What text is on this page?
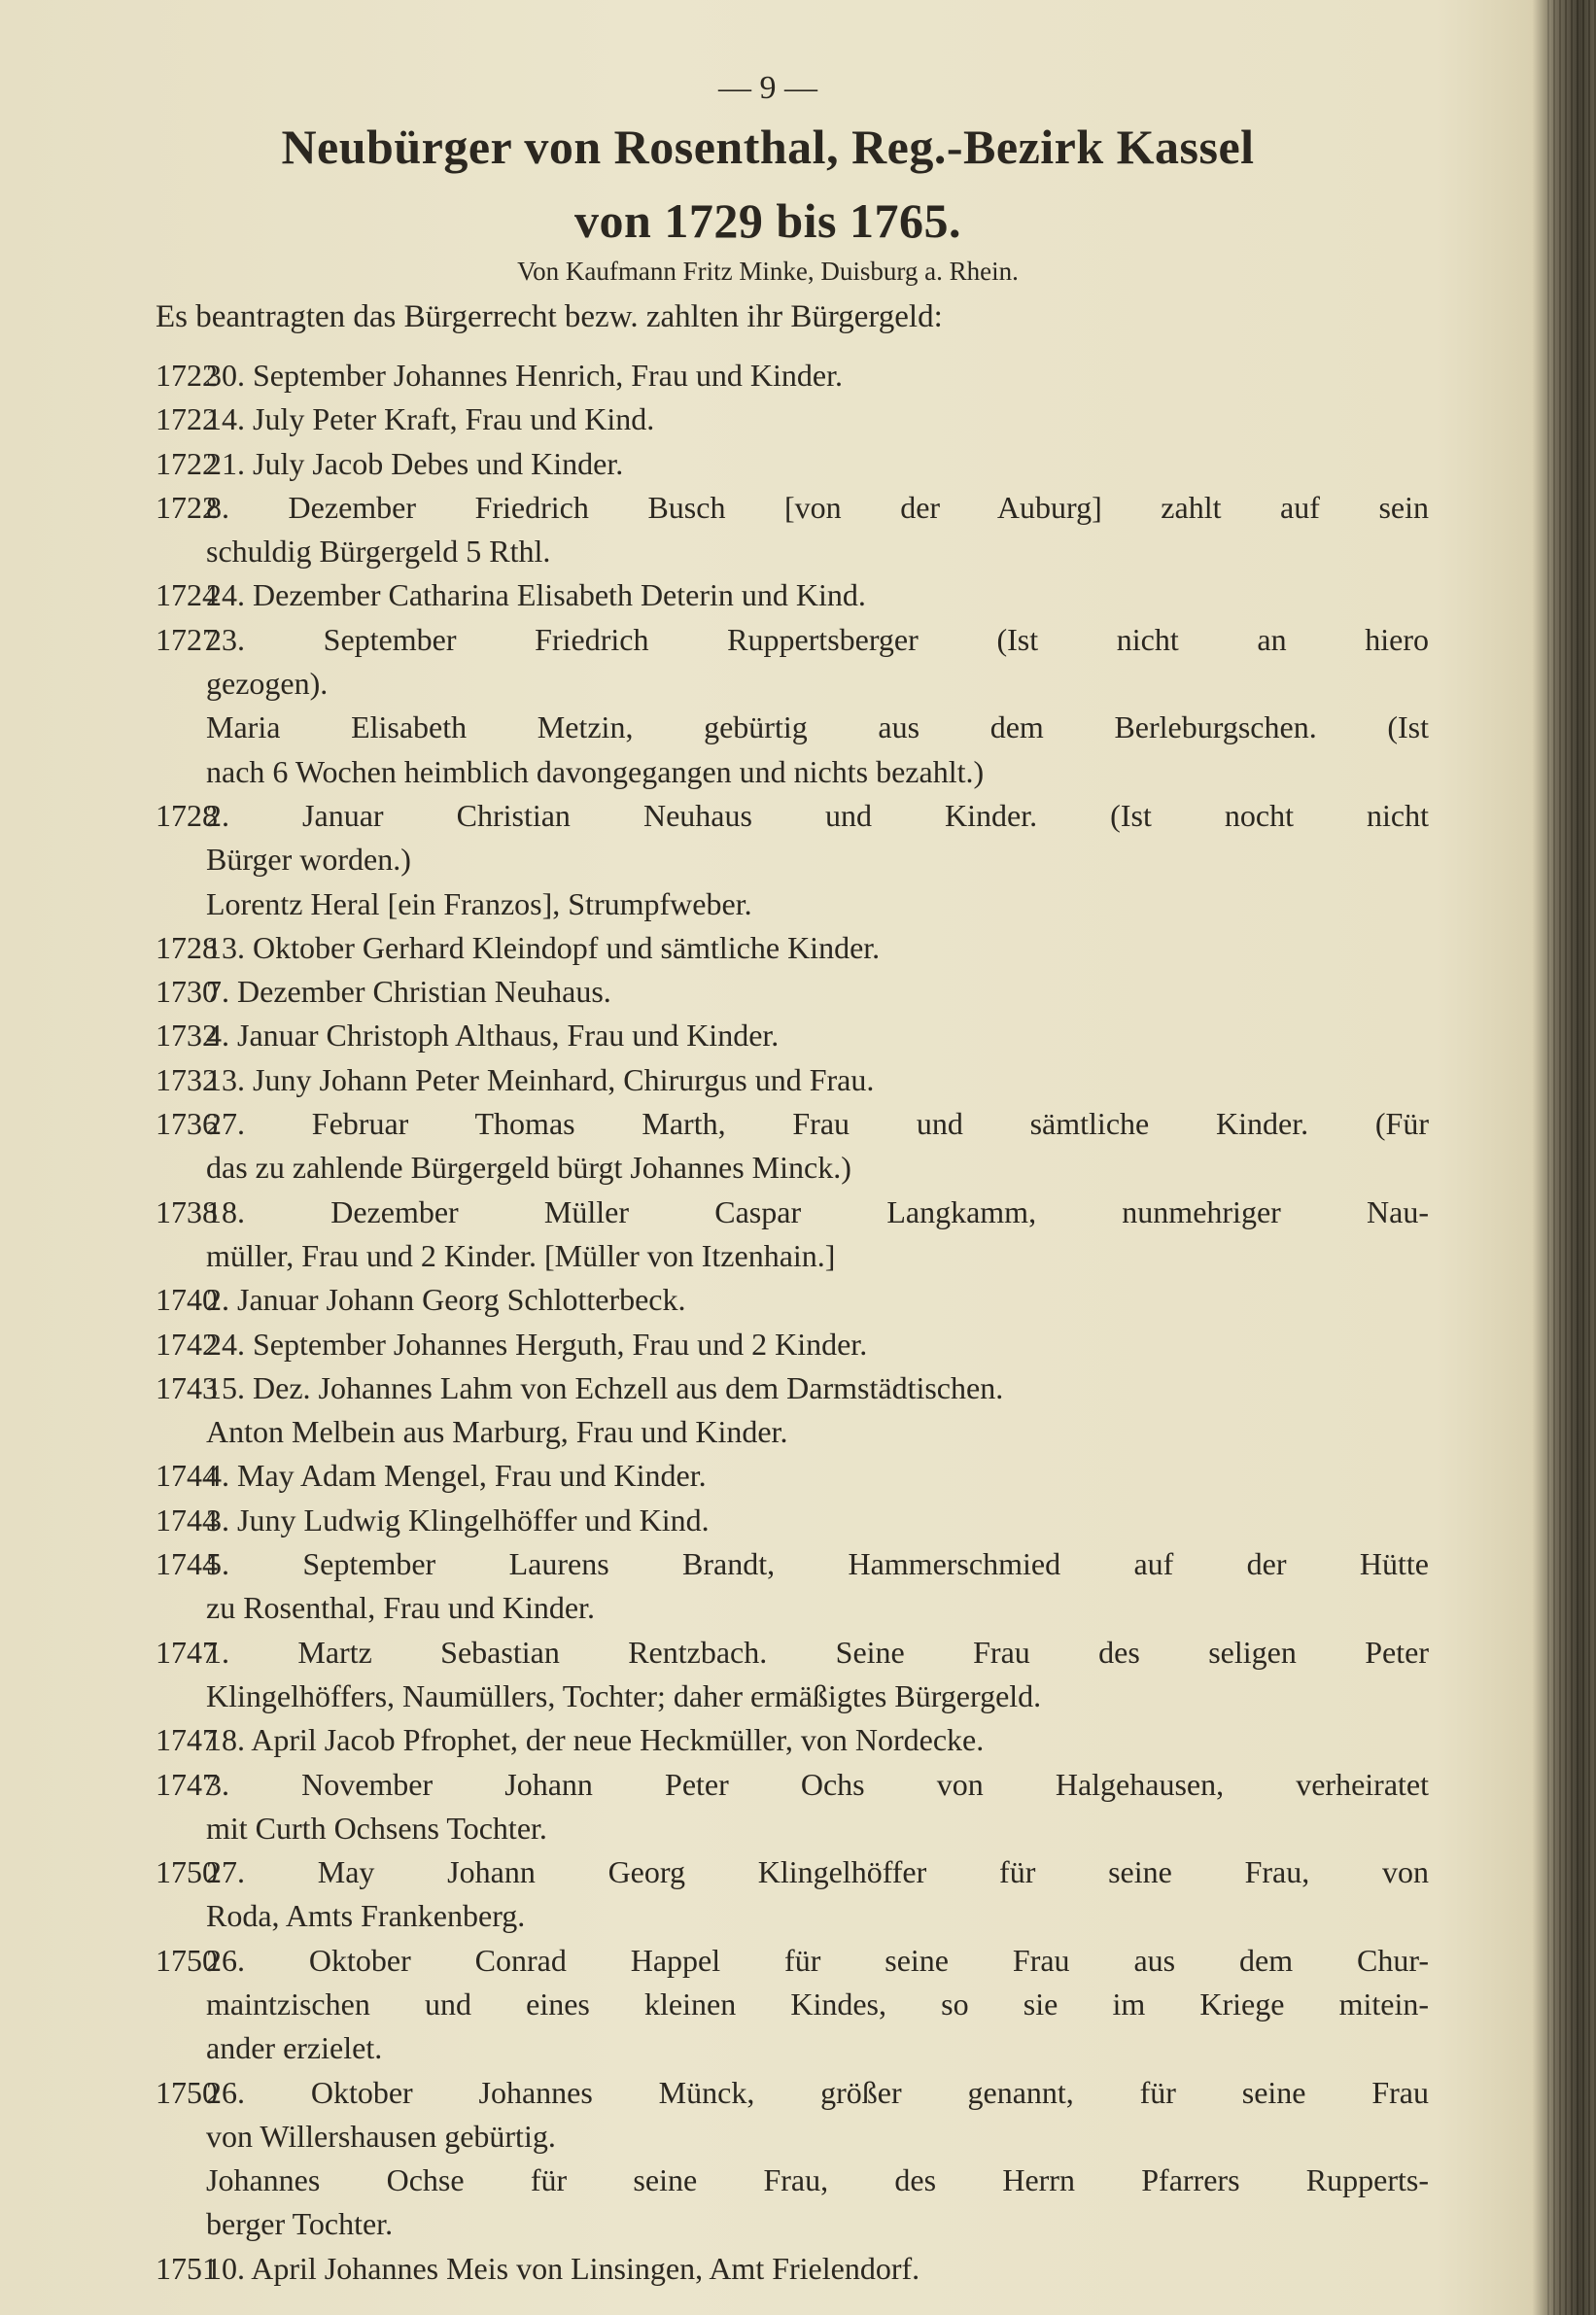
— 9 —
Neubürger von Rosenthal, Reg.-Bezirk Kassel
von 1729 bis 1765.
Von Kaufmann Fritz Minke, Duisburg a. Rhein.
Es beantragten das Bürgerrecht bezw. zahlten ihr Bürgergeld:
1722
30. September Johannes Henrich, Frau und Kinder.
1722
14. July Peter Kraft, Frau und Kind.
1722
21. July Jacob Debes und Kinder.
1722
8. Dezember Friedrich Busch [von der Auburg] zahlt auf sein
schuldig Bürgergeld 5 Rthl.
1724
24. Dezember Catharina Elisabeth Deterin und Kind.
1727
23. September Friedrich Ruppertsberger (Ist nicht an hiero
gezogen).
Maria Elisabeth Metzin, gebürtig aus dem Berleburgschen. (Ist
nach 6 Wochen heimblich davongegangen und nichts bezahlt.)
1728
2. Januar Christian Neuhaus und Kinder. (Ist nocht nicht
Bürger worden.)
Lorentz Heral [ein Franzos], Strumpfweber.
1728
13. Oktober Gerhard Kleindopf und sämtliche Kinder.
1730
7. Dezember Christian Neuhaus.
1732
4. Januar Christoph Althaus, Frau und Kinder.
1732
13. Juny Johann Peter Meinhard, Chirurgus und Frau.
1736
27. Februar Thomas Marth, Frau und sämtliche Kinder. (Für
das zu zahlende Bürgergeld bürgt Johannes Minck.)
1738
18. Dezember Müller Caspar Langkamm, nunmehriger Nau-
müller, Frau und 2 Kinder. [Müller von Itzenhain.]
1740
2. Januar Johann Georg Schlotterbeck.
1742
24. September Johannes Herguth, Frau und 2 Kinder.
1743
15. Dez. Johannes Lahm von Echzell aus dem Darmstädtischen.
Anton Melbein aus Marburg, Frau und Kinder.
1744
4. May Adam Mengel, Frau und Kinder.
1744
3. Juny Ludwig Klingelhöffer und Kind.
1744
5. September Laurens Brandt, Hammerschmied auf der Hütte
zu Rosenthal, Frau und Kinder.
1747
1. Martz Sebastian Rentzbach. Seine Frau des seligen Peter
Klingelhöffers, Naumüllers, Tochter; daher ermäßigtes Bürgergeld.
1747
18. April Jacob Pfrophet, der neue Heckmüller, von Nordecke.
1747
3. November Johann Peter Ochs von Halgehausen, verheiratet
mit Curth Ochsens Tochter.
1750
27. May Johann Georg Klingelhöffer für seine Frau, von
Roda, Amts Frankenberg.
1750
26. Oktober Conrad Happel für seine Frau aus dem Chur-
maintzischen und eines kleinen Kindes, so sie im Kriege mitein-
ander erzielet.
1750
26. Oktober Johannes Münck, größer genannt, für seine Frau
von Willershausen gebürtig.
Johannes Ochse für seine Frau, des Herrn Pfarrers Rupperts-
berger Tochter.
1751
10. April Johannes Meis von Linsingen, Amt Frielendorf.
